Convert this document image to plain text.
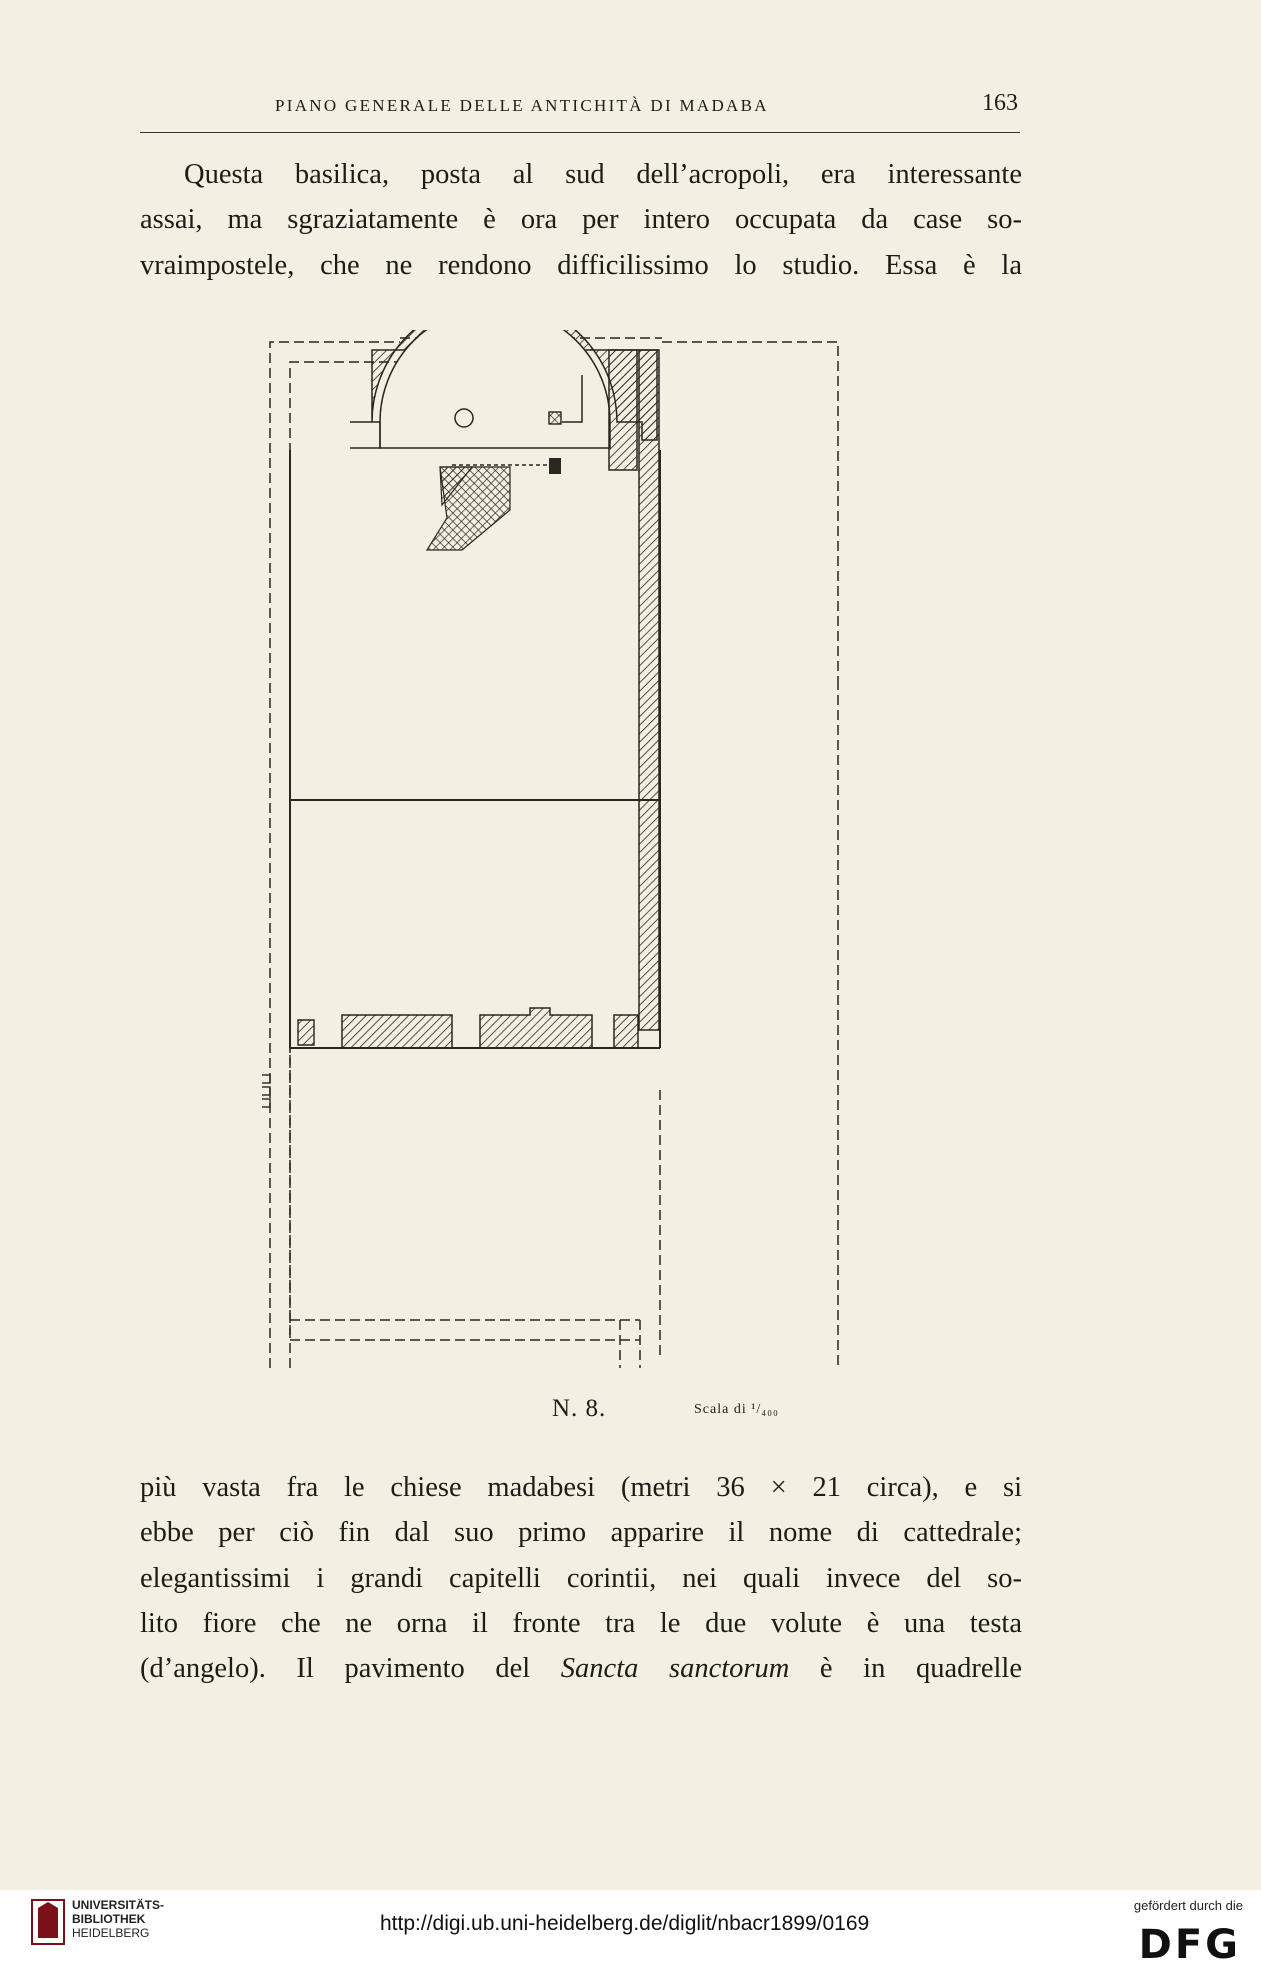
PIANO GENERALE DELLE ANTICHITÀ DI MADABA	163
Questa basilica, posta al sud dell’acropoli, era interessante
assai, ma sgraziatamente è ora per intero occupata da case so-
vraimpostele, che ne rendono difficilissimo lo studio. Essa è la
N. 8.	Scala di ¹/₄₀₀
più vasta fra le chiese madabesi (metri 36 × 21 circa), e si
ebbe per ciò fin dal suo primo apparire il nome di cattedrale;
elegantissimi i grandi capitelli corintii, nei quali invece del so-
lito fiore che ne orna il fronte tra le due volute è una testa
(d’angelo). Il pavimento del Sancta sanctorum è in quadrelle
UNIVERSITÄTS-
BIBLIOTHEK
HEIDELBERG	http://digi.ub.uni-heidelberg.de/diglit/nbacr1899/0169
gefördert durch die
DFG
